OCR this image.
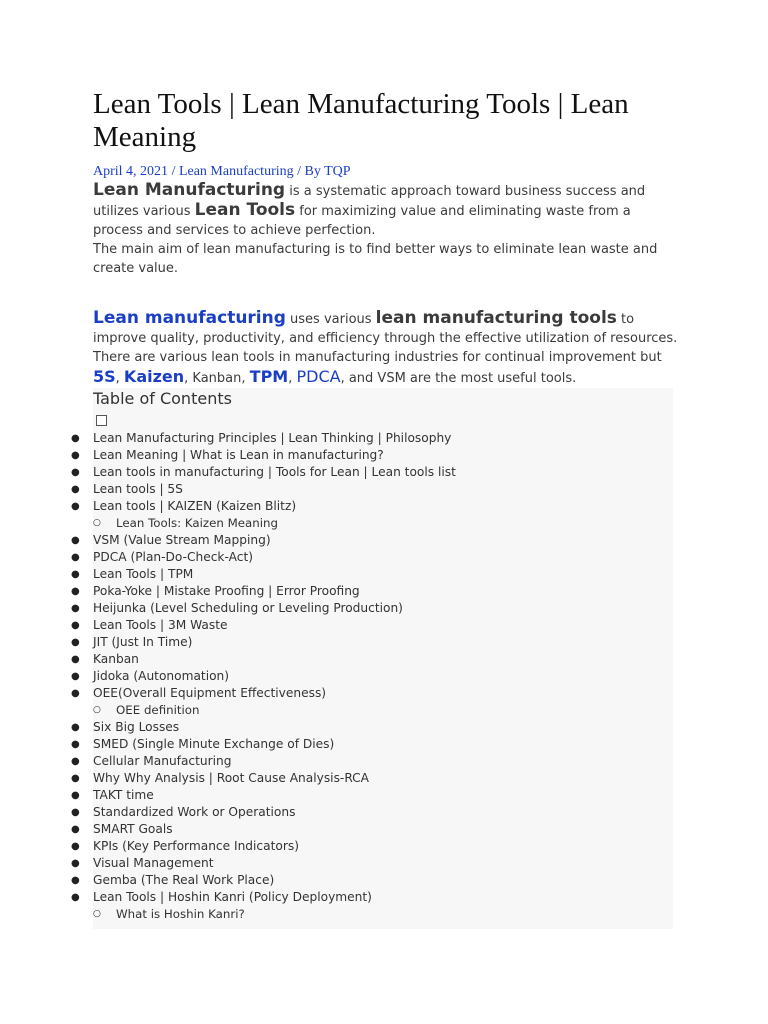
Lean Tools | Lean Manufacturing Tools | Lean Meaning
April 4, 2021 / Lean Manufacturing / By TQP
Lean Manufacturing is a systematic approach toward business success and utilizes various Lean Tools for maximizing value and eliminating waste from a process and services to achieve perfection.
The main aim of lean manufacturing is to find better ways to eliminate lean waste and create value.
Lean manufacturing uses various lean manufacturing tools to improve quality, productivity, and efficiency through the effective utilization of resources.
There are various lean tools in manufacturing industries for continual improvement but 5S, Kaizen, Kanban, TPM, PDCA, and VSM are the most useful tools.
Table of Contents
● Lean Manufacturing Principles | Lean Thinking | Philosophy
● Lean Meaning | What is Lean in manufacturing?
● Lean tools in manufacturing | Tools for Lean | Lean tools list
● Lean tools | 5S
● Lean tools | KAIZEN (Kaizen Blitz)
○ Lean Tools: Kaizen Meaning
● VSM (Value Stream Mapping)
● PDCA (Plan-Do-Check-Act)
● Lean Tools | TPM
● Poka-Yoke | Mistake Proofing | Error Proofing
● Heijunka (Level Scheduling or Leveling Production)
● Lean Tools | 3M Waste
● JIT (Just In Time)
● Kanban
● Jidoka (Autonomation)
● OEE(Overall Equipment Effectiveness)
○ OEE definition
● Six Big Losses
● SMED (Single Minute Exchange of Dies)
● Cellular Manufacturing
● Why Why Analysis | Root Cause Analysis-RCA
● TAKT time
● Standardized Work or Operations
● SMART Goals
● KPIs (Key Performance Indicators)
● Visual Management
● Gemba (The Real Work Place)
● Lean Tools | Hoshin Kanri (Policy Deployment)
○ What is Hoshin Kanri?
